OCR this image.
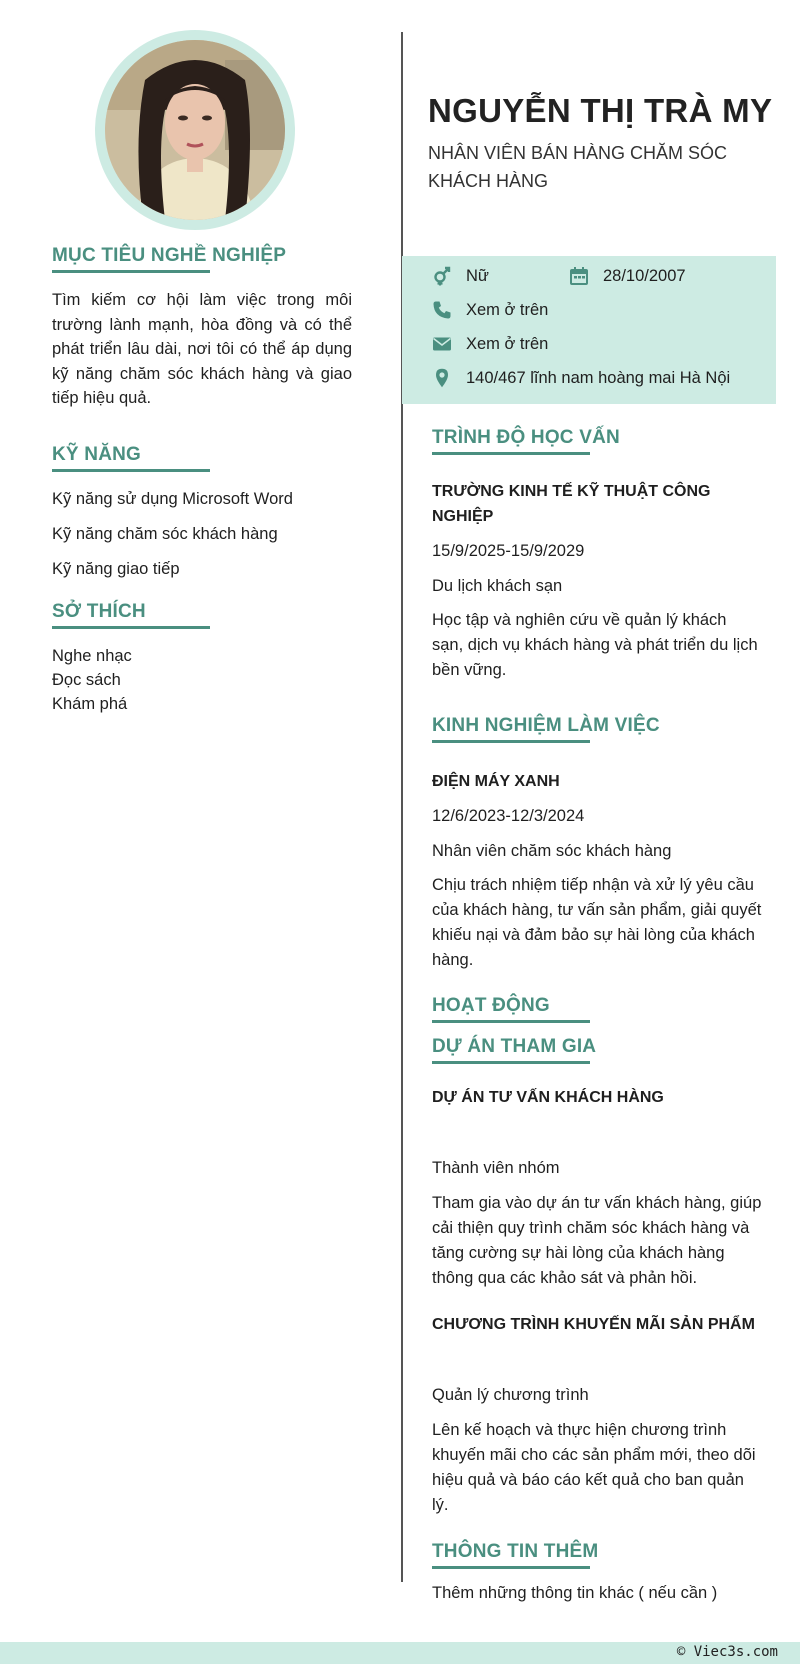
MỤC TIÊU NGHỀ NGHIỆP
Tìm kiếm cơ hội làm việc trong môi trường lành mạnh, hòa đồng và có thể phát triển lâu dài, nơi tôi có thể áp dụng kỹ năng chăm sóc khách hàng và giao tiếp hiệu quả.
KỸ NĂNG
Kỹ năng sử dụng Microsoft Word
Kỹ năng chăm sóc khách hàng
Kỹ năng giao tiếp
SỞ THÍCH
Nghe nhạc
Đọc sách
Khám phá
NGUYỄN THỊ TRÀ MY
NHÂN VIÊN BÁN HÀNG CHĂM SÓC KHÁCH HÀNG
Nữ	28/10/2007
Xem ở trên
Xem ở trên
140/467 lĩnh nam hoàng mai Hà Nội
TRÌNH ĐỘ HỌC VẤN
TRƯỜNG KINH TẾ KỸ THUẬT CÔNG NGHIỆP
15/9/2025-15/9/2029
Du lịch khách sạn
Học tập và nghiên cứu về quản lý khách sạn, dịch vụ khách hàng và phát triển du lịch bền vững.
KINH NGHIỆM LÀM VIỆC
ĐIỆN MÁY XANH
12/6/2023-12/3/2024
Nhân viên chăm sóc khách hàng
Chịu trách nhiệm tiếp nhận và xử lý yêu cầu của khách hàng, tư vấn sản phẩm, giải quyết khiếu nại và đảm bảo sự hài lòng của khách hàng.
HOẠT ĐỘNG
DỰ ÁN THAM GIA
DỰ ÁN TƯ VẤN KHÁCH HÀNG
Thành viên nhóm
Tham gia vào dự án tư vấn khách hàng, giúp cải thiện quy trình chăm sóc khách hàng và tăng cường sự hài lòng của khách hàng thông qua các khảo sát và phản hồi.
CHƯƠNG TRÌNH KHUYẾN MÃI SẢN PHẨM
Quản lý chương trình
Lên kế hoạch và thực hiện chương trình khuyến mãi cho các sản phẩm mới, theo dõi hiệu quả và báo cáo kết quả cho ban quản lý.
THÔNG TIN THÊM
Thêm những thông tin khác ( nếu cần )
© Viec3s.com
